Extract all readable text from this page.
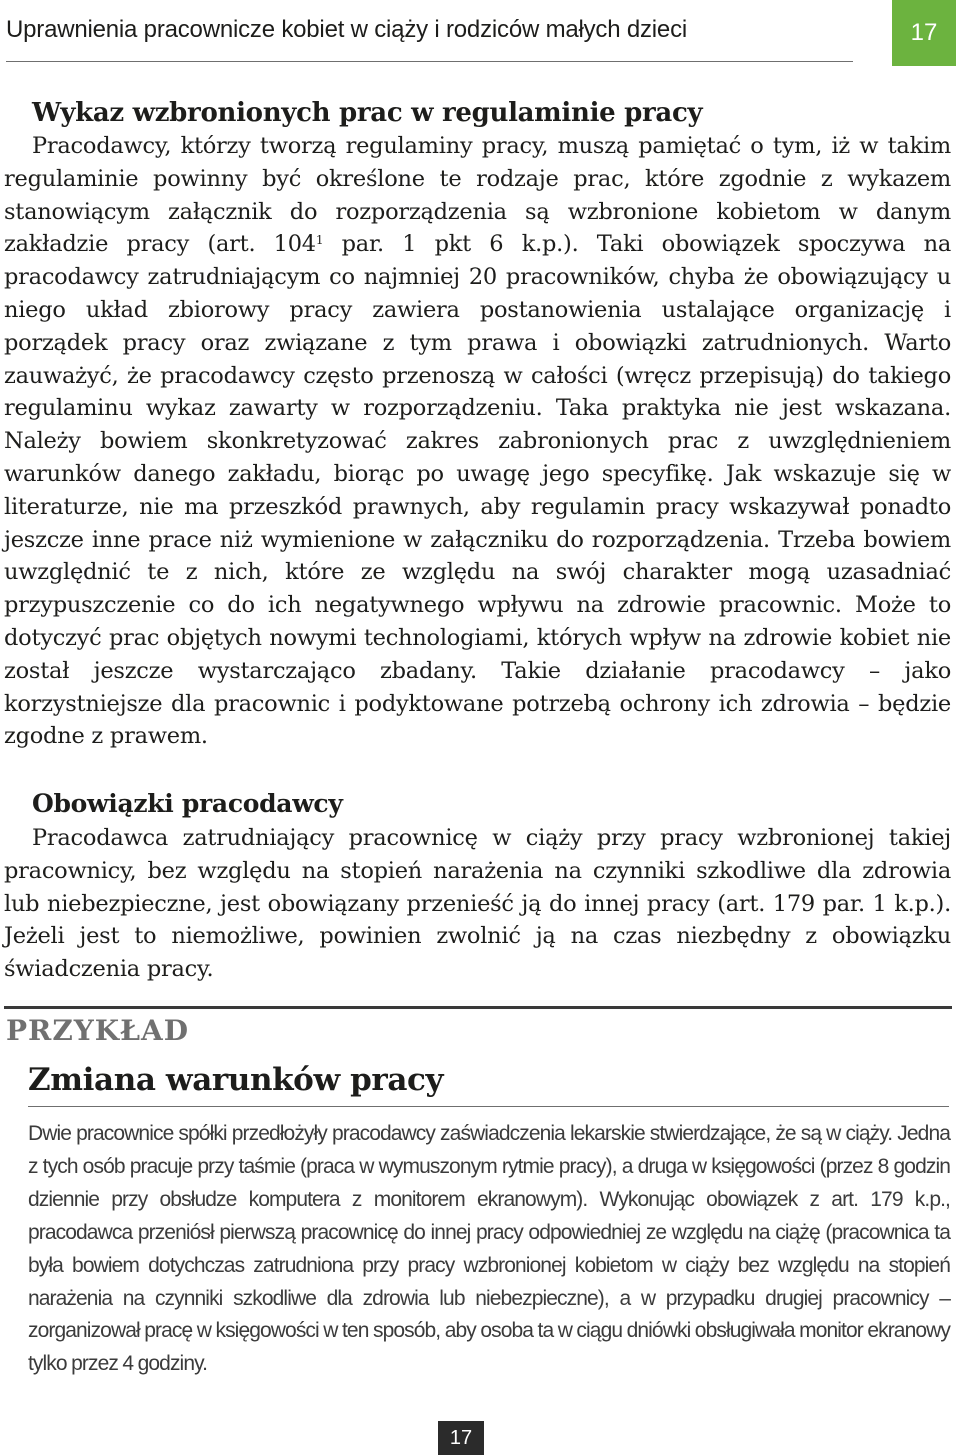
Uprawnienia pracownicze kobiet w ciąży i rodziców małych dzieci	17
Wykaz wzbronionych prac w regulaminie pracy

Pracodawcy, którzy tworzą regulaminy pracy, muszą pamiętać o tym, iż w takim regulaminie powinny być określone te rodzaje prac, które zgodnie z wykazem stanowiącym załącznik do rozporządzenia są wzbronione kobietom w danym zakładzie pracy (art. $104^1$ par. 1 pkt 6 k.p.). Taki obowiązek spoczywa na pracodawcy zatrudniającym co najmniej 20 pracowników, chyba że obowiązujący u niego układ zbiorowy pracy zawiera postanowienia ustalające organizację i porządek pracy oraz związane z tym prawa i obowiązki zatrudnionych. Warto zauważyć, że pracodawcy często przenoszą w całości (wręcz przepisują) do takiego regulaminu wykaz zawarty w rozporządzeniu. Taka praktyka nie jest wskazana. Należy bowiem skonkretyzować zakres zabronionych prac z uwzględnieniem warunków danego zakładu, biorąc po uwagę jego specyfikę. Jak wskazuje się w literaturze, nie ma przeszkód prawnych, aby regulamin pracy wskazywał ponadto jeszcze inne prace niż wymienione w załączniku do rozporządzenia. Trzeba bowiem uwzględnić te z nich, które ze względu na swój charakter mogą uzasadniać przypuszczenie co do ich negatywnego wpływu na zdrowie pracownic. Może to dotyczyć prac objętych nowymi technologiami, których wpływ na zdrowie kobiet nie został jeszcze wystarczająco zbadany. Takie działanie pracodawcy – jako korzystniejsze dla pracownic i podyktowane potrzebą ochrony ich zdrowia – będzie zgodne z prawem.

Obowiązki pracodawcy

Pracodawca zatrudniający pracownicę w ciąży przy pracy wzbronionej takiej pracownicy, bez względu na stopień narażenia na czynniki szkodliwe dla zdrowia lub niebezpieczne, jest obowiązany przenieść ją do innej pracy (art. 179 par. 1 k.p.). Jeżeli jest to niemożliwe, powinien zwolnić ją na czas niezbędny z obowiązku świadczenia pracy.

PRZYKŁAD
Zmiana warunków pracy

Dwie pracownice spółki przedłożyły pracodawcy zaświadczenia lekarskie stwierdzające, że są w ciąży. Jedna z tych osób pracuje przy taśmie (praca w wymuszonym rytmie pracy), a druga w księgowości (przez 8 godzin dziennie przy obsłudze komputera z monitorem ekranowym). Wykonując obowiązek z art. 179 k.p., pracodawca przeniósł pierwszą pracownicę do innej pracy odpowiedniej ze względu na ciążę (pracownica ta była bowiem dotychczas zatrudniona przy pracy wzbronionej kobietom w ciąży bez względu na stopień narażenia na czynniki szkodliwe dla zdrowia lub niebezpieczne), a w przypadku drugiej pracownicy – zorganizował pracę w księgowości w ten sposób, aby osoba ta w ciągu dniówki obsługiwała monitor ekranowy tylko przez 4 godziny.

17
